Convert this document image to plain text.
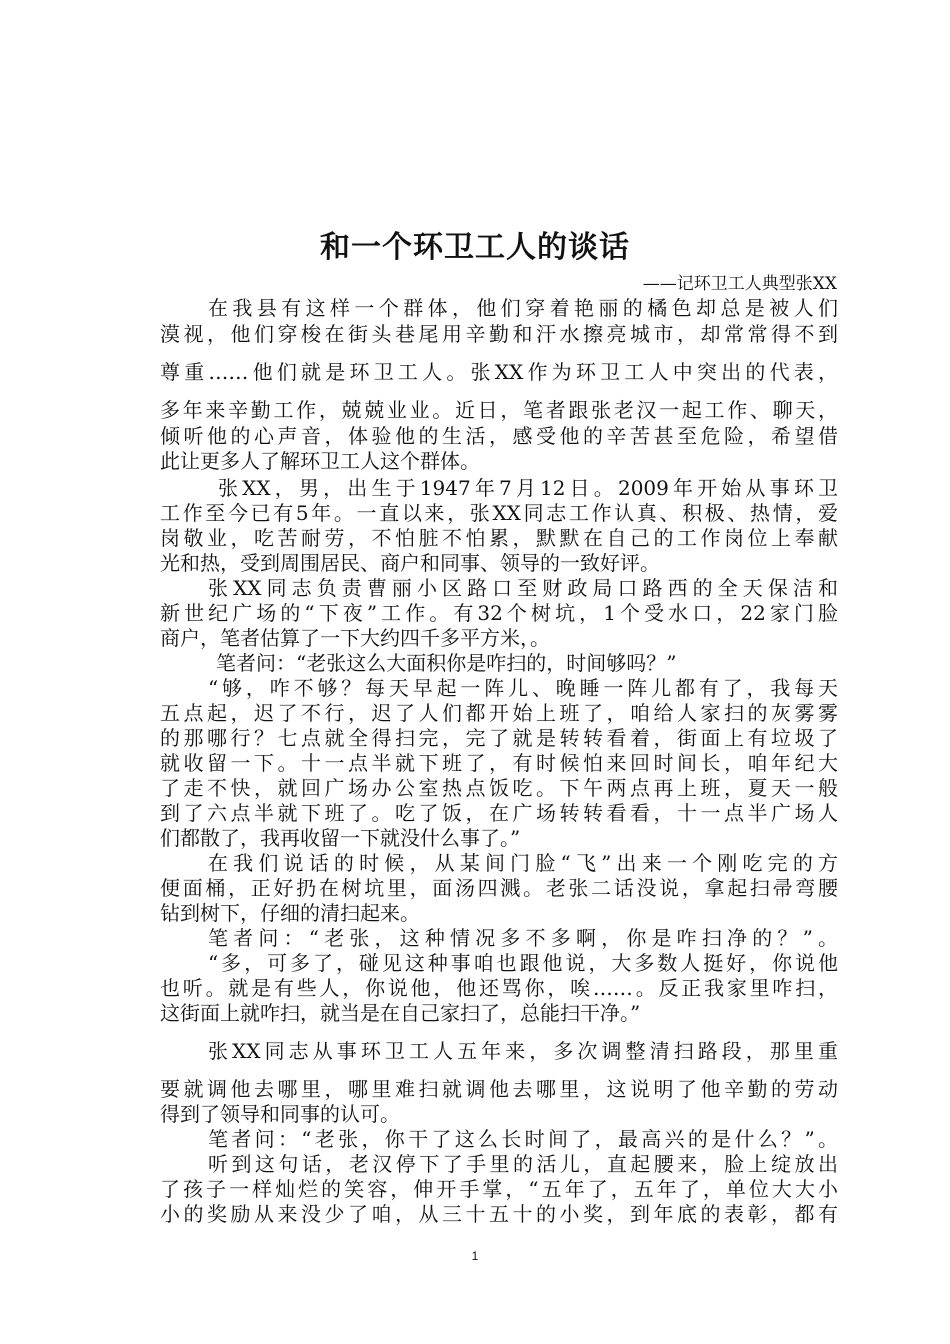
和一个环卫工人的谈话
——记环卫工人典型张XX
在我县有这样一个群体，他们穿着艳丽的橘色却总是被人们
漠视，他们穿梭在街头巷尾用辛勤和汗水擦亮城市，却常常得不到
尊重……他们就是环卫工人。张XX作为环卫工人中突出的代表，
多年来辛勤工作，兢兢业业。近日，笔者跟张老汉一起工作、聊天，
倾听他的心声音，体验他的生活，感受他的辛苦甚至危险，希望借
此让更多人了解环卫工人这个群体。
张XX，男，出生于1947年7月12日。2009年开始从事环卫
工作至今已有5年。一直以来，张XX同志工作认真、积极、热情，爱
岗敬业，吃苦耐劳，不怕脏不怕累，默默在自己的工作岗位上奉献
光和热，受到周围居民、商户和同事、领导的一致好评。
张XX同志负责曹丽小区路口至财政局口路西的全天保洁和
新世纪广场的“下夜”工作。有32个树坑，1个受水口，22家门脸
商户，笔者估算了一下大约四千多平方米，。
笔者问：“老张这么大面积你是咋扫的，时间够吗？”
“够，咋不够？每天早起一阵儿、晚睡一阵儿都有了，我每天
五点起，迟了不行，迟了人们都开始上班了，咱给人家扫的灰雾雾
的那哪行？七点就全得扫完，完了就是转转看着，街面上有垃圾了
就收留一下。十一点半就下班了，有时候怕来回时间长，咱年纪大
了走不快，就回广场办公室热点饭吃。下午两点再上班，夏天一般
到了六点半就下班了。吃了饭，在广场转转看看，十一点半广场人
们都散了，我再收留一下就没什么事了。”
在我们说话的时候，从某间门脸“飞”出来一个刚吃完的方
便面桶，正好扔在树坑里，面汤四溅。老张二话没说，拿起扫帚弯腰
钻到树下，仔细的清扫起来。
笔者问：“老张，这种情况多不多啊，你是咋扫净的？”。
“多，可多了，碰见这种事咱也跟他说，大多数人挺好，你说他
也听。就是有些人，你说他，他还骂你，唉……。反正我家里咋扫，
这街面上就咋扫，就当是在自己家扫了，总能扫干净。”
张XX同志从事环卫工人五年来，多次调整清扫路段，那里重
要就调他去哪里，哪里难扫就调他去哪里，这说明了他辛勤的劳动
得到了领导和同事的认可。
笔者问：“老张，你干了这么长时间了，最高兴的是什么？”。
听到这句话，老汉停下了手里的活儿，直起腰来，脸上绽放出
了孩子一样灿烂的笑容，伸开手掌，“五年了，五年了，单位大大小
小的奖励从来没少了咱，从三十五十的小奖，到年底的表彰，都有
1
